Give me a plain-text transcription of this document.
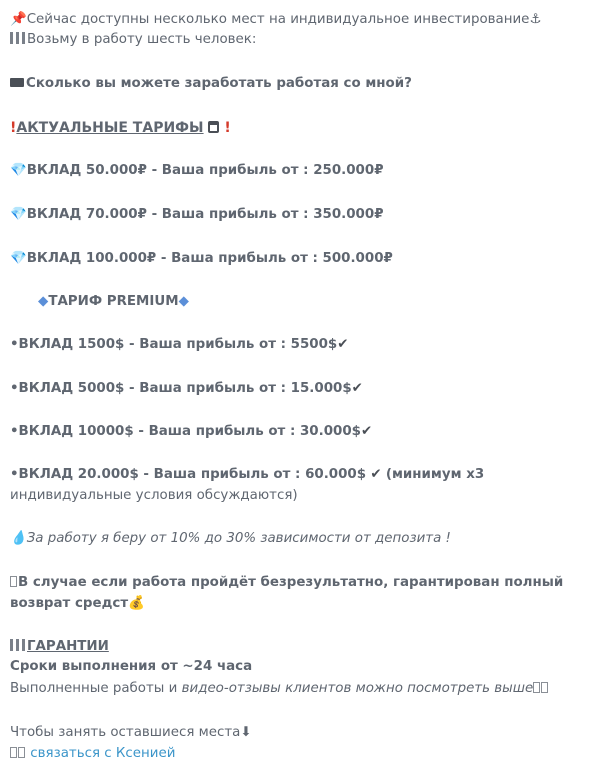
📌Сейчас доступны несколько мест на индивидуальное инвестирование⚓
Возьму в работу шесть человек:
Сколько вы можете заработать работая со мной?
!АКТУАЛЬНЫЕ ТАРИФЫ !
💎ВКЛАД 50.000₽ - Ваша прибыль от : 250.000₽
💎ВКЛАД 70.000₽ - Ваша прибыль от : 350.000₽
💎ВКЛАД 100.000₽ - Ваша прибыль от : 500.000₽
◆ТАРИФ PREMIUM◆
•ВКЛАД 1500$ - Ваша прибыль от : 5500$✔
•ВКЛАД 5000$ - Ваша прибыль от : 15.000$✔
•ВКЛАД 10000$ - Ваша прибыль от : 30.000$✔
•ВКЛАД 20.000$ - Ваша прибыль от : 60.000$ ✔ (минимум х3 индивидуальные условия обсуждаются)
💧За работу я беру от 10% до 30% зависимости от депозита !
В случае если работа пройдёт безрезультатно, гарантирован полный возврат средст💰
ГАРАНТИИ
Сроки выполнения от ~24 часа
Выполненные работы и видео-отзывы клиентов можно посмотреть выше
Чтобы занять оставшиеся места⬇
связаться с Ксенией
